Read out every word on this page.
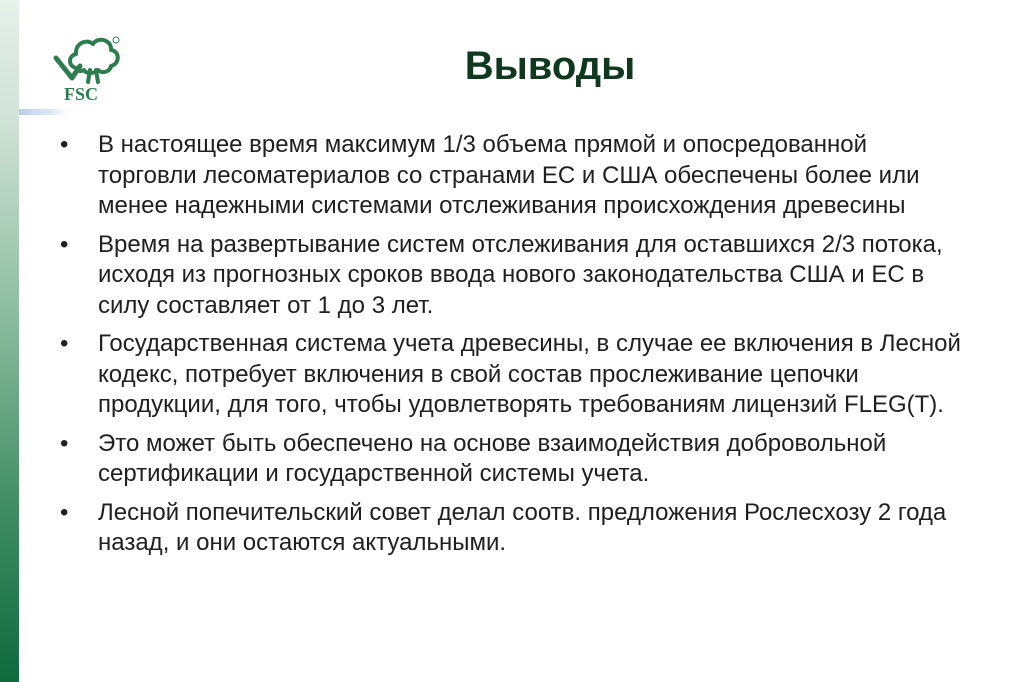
FSC
Выводы
•	В настоящее время максимум 1/3 объема прямой и опосредованной торговли лесоматериалов со странами ЕС и США обеспечены более или менее надежными системами отслеживания происхождения древесины
•	Время на развертывание систем отслеживания для оставшихся 2/3 потока, исходя из прогнозных сроков ввода нового законодательства США и ЕС в силу составляет от 1 до 3 лет.
•	Государственная система учета древесины, в случае ее включения в Лесной кодекс, потребует включения в свой состав прослеживание цепочки продукции, для того, чтобы удовлетворять требованиям лицензий FLEG(T).
•	Это может быть обеспечено на основе взаимодействия добровольной сертификации и государственной системы учета.
•	Лесной попечительский совет делал соотв. предложения Рослесхозу 2 года назад, и они остаются актуальными.
